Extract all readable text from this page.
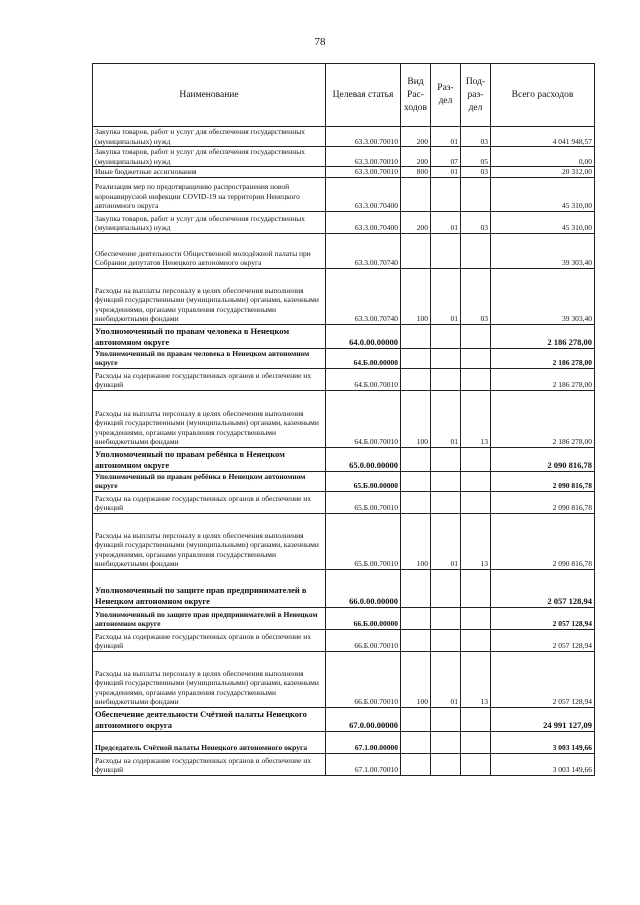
78
Наименование	Целевая статья	Вид Рас- ходов	Раз- дел	Под- раз- дел	Всего расходов
Закупка товаров, работ и услуг для обеспечения государственных (муниципальных) нужд	63.3.00.70010	200	01	03	4 041 948,57
Закупка товаров, работ и услуг для обеспечения государственных (муниципальных) нужд	63.3.00.70010	200	07	05	0,00
Иные бюджетные ассигнования	63.3.00.70010	800	01	03	20 312,00
Реализация мер по предотвращению распространения новой коронавирусной инфекции COVID-19 на территории Ненецкого автономного округа	63.3.00.70400				45 310,00
Закупка товаров, работ и услуг для обеспечения государственных (муниципальных) нужд	63.3.00.70400	200	01	03	45 310,00
Обеспечение деятельности Общественной молодёжной палаты при Собрании депутатов Ненецкого автономного округа	63.3.00.70740				39 303,40
Расходы на выплаты персоналу в целях обеспечения выполнения функций государственными (муниципальными) органами, казенными учреждениями, органами управления государственными внебюджетными фондами	63.3.00.70740	100	01	03	39 303,40
Уполномоченный по правам человека в Ненецком автономном округе	64.0.00.00000				2 186 278,00
Уполномоченный по правам человека в Ненецком автономном округе	64.Б.00.00000				2 186 278,00
Расходы на содержание государственных органов и обеспечение их функций	64.Б.00.70010				2 186 278,00
Расходы на выплаты персоналу в целях обеспечения выполнения функций государственными (муниципальными) органами, казенными учреждениями, органами управления государственными внебюджетными фондами	64.Б.00.70010	100	01	13	2 186 278,00
Уполномоченный по правам ребёнка в Ненецком автономном округе	65.0.00.00000				2 090 816,78
Уполномоченный по правам ребёнка в Ненецком автономном округе	65.Б.00.00000				2 090 816,78
Расходы на содержание государственных органов и обеспечение их функций	65.Б.00.70010				2 090 816,78
Расходы на выплаты персоналу в целях обеспечения выполнения функций государственными (муниципальными) органами, казенными учреждениями, органами управления государственными внебюджетными фондами	65.Б.00.70010	100	01	13	2 090 816,78
Уполномоченный по защите прав предпринимателей в Ненецком автономном округе	66.0.00.00000				2 057 128,94
Уполномоченный по защите прав предпринимателей в Ненецком автономном округе	66.Б.00.00000				2 057 128,94
Расходы на содержание государственных органов и обеспечение их функций	66.Б.00.70010				2 057 128,94
Расходы на выплаты персоналу в целях обеспечения выполнения функций государственными (муниципальными) органами, казенными учреждениями, органами управления государственными внебюджетными фондами	66.Б.00.70010	100	01	13	2 057 128,94
Обеспечение деятельности Счётной палаты Ненецкого автономного округа	67.0.00.00000				24 991 127,09
Председатель Счётной палаты Ненецкого автономного округа	67.1.00.00000				3 003 149,66
Расходы на содержание государственных органов и обеспечение их функций	67.1.00.70010				3 003 149,66
